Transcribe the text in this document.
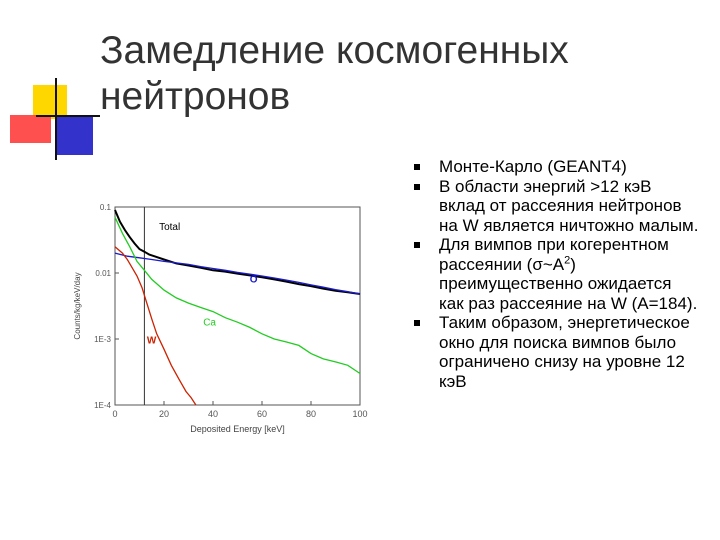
Замедление космогенных
нейтронов
0	20	40	60	80	100
0.1
0.01
1E-3
1E-4
Deposited Energy [keV]
Counts/kg/keV/day
Total
O
Ca
W
Монте-Карло (GEANT4)
В области энергий >12 кэВ вклад от рассеяния нейтронов на W является ничтожно малым.
Для вимпов при когерентном рассеянии $(\sigma\sim A^2)$ преимущественно ожидается как раз рассеяние на W (A=184).
Таким образом, энергетическое окно для поиска вимпов было ограничено снизу на уровне 12 кэВ
